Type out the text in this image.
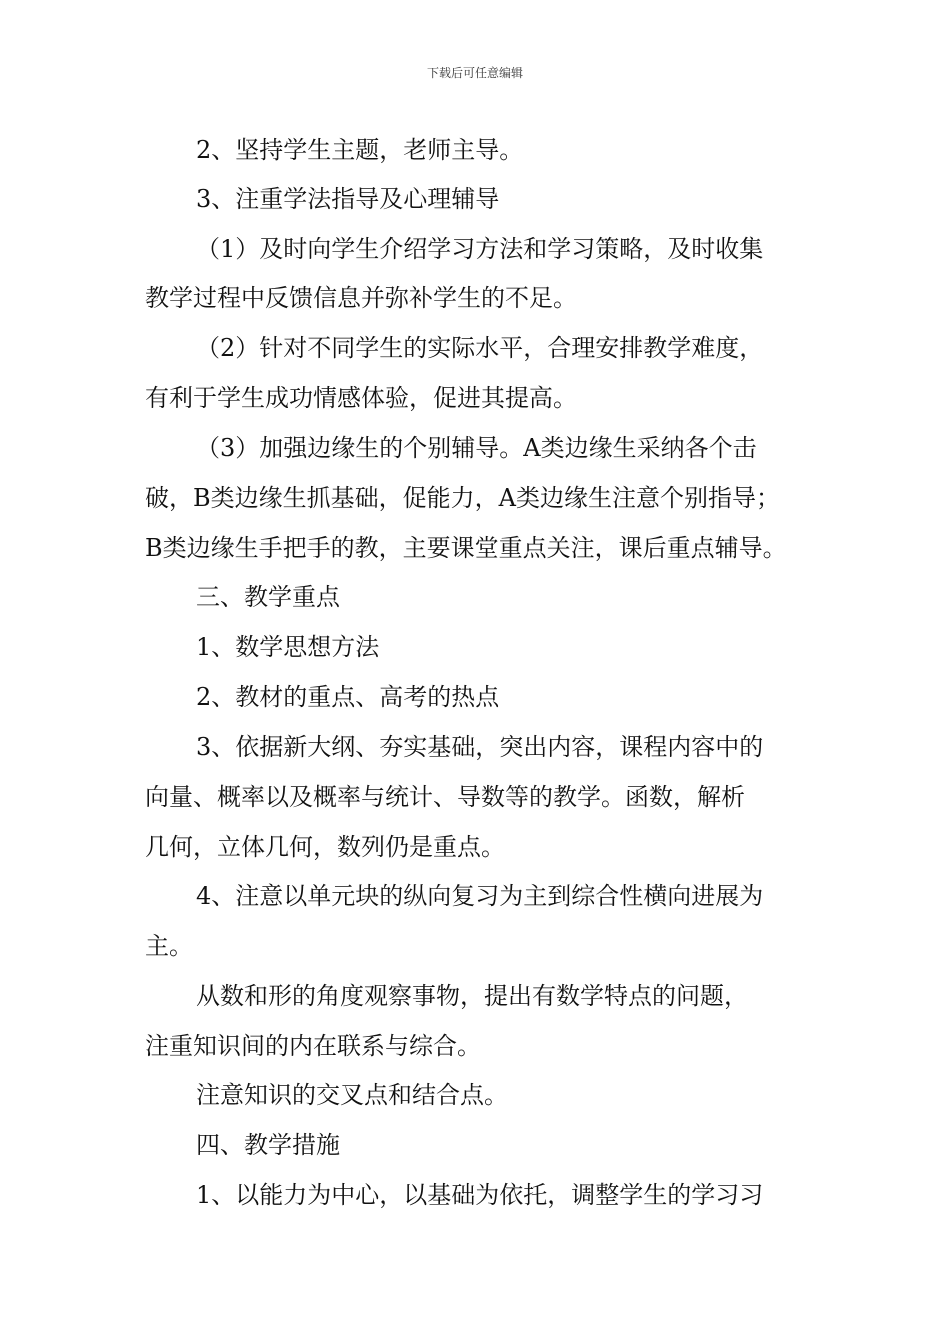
下载后可任意编辑
2、坚持学生主题，老师主导。
3、注重学法指导及心理辅导
（1）及时向学生介绍学习方法和学习策略，及时收集
教学过程中反馈信息并弥补学生的不足。
（2）针对不同学生的实际水平，合理安排教学难度，
有利于学生成功情感体验，促进其提高。
（3）加强边缘生的个别辅导。A类边缘生采纳各个击
破，B类边缘生抓基础，促能力，A类边缘生注意个别指导；
B类边缘生手把手的教，主要课堂重点关注，课后重点辅导。
三、教学重点
1、数学思想方法
2、教材的重点、高考的热点
3、依据新大纲、夯实基础，突出内容，课程内容中的
向量、概率以及概率与统计、导数等的教学。函数，解析
几何，立体几何，数列仍是重点。
4、注意以单元块的纵向复习为主到综合性横向进展为
主。
从数和形的角度观察事物，提出有数学特点的问题，
注重知识间的内在联系与综合。
注意知识的交叉点和结合点。
四、教学措施
1、以能力为中心，以基础为依托，调整学生的学习习
